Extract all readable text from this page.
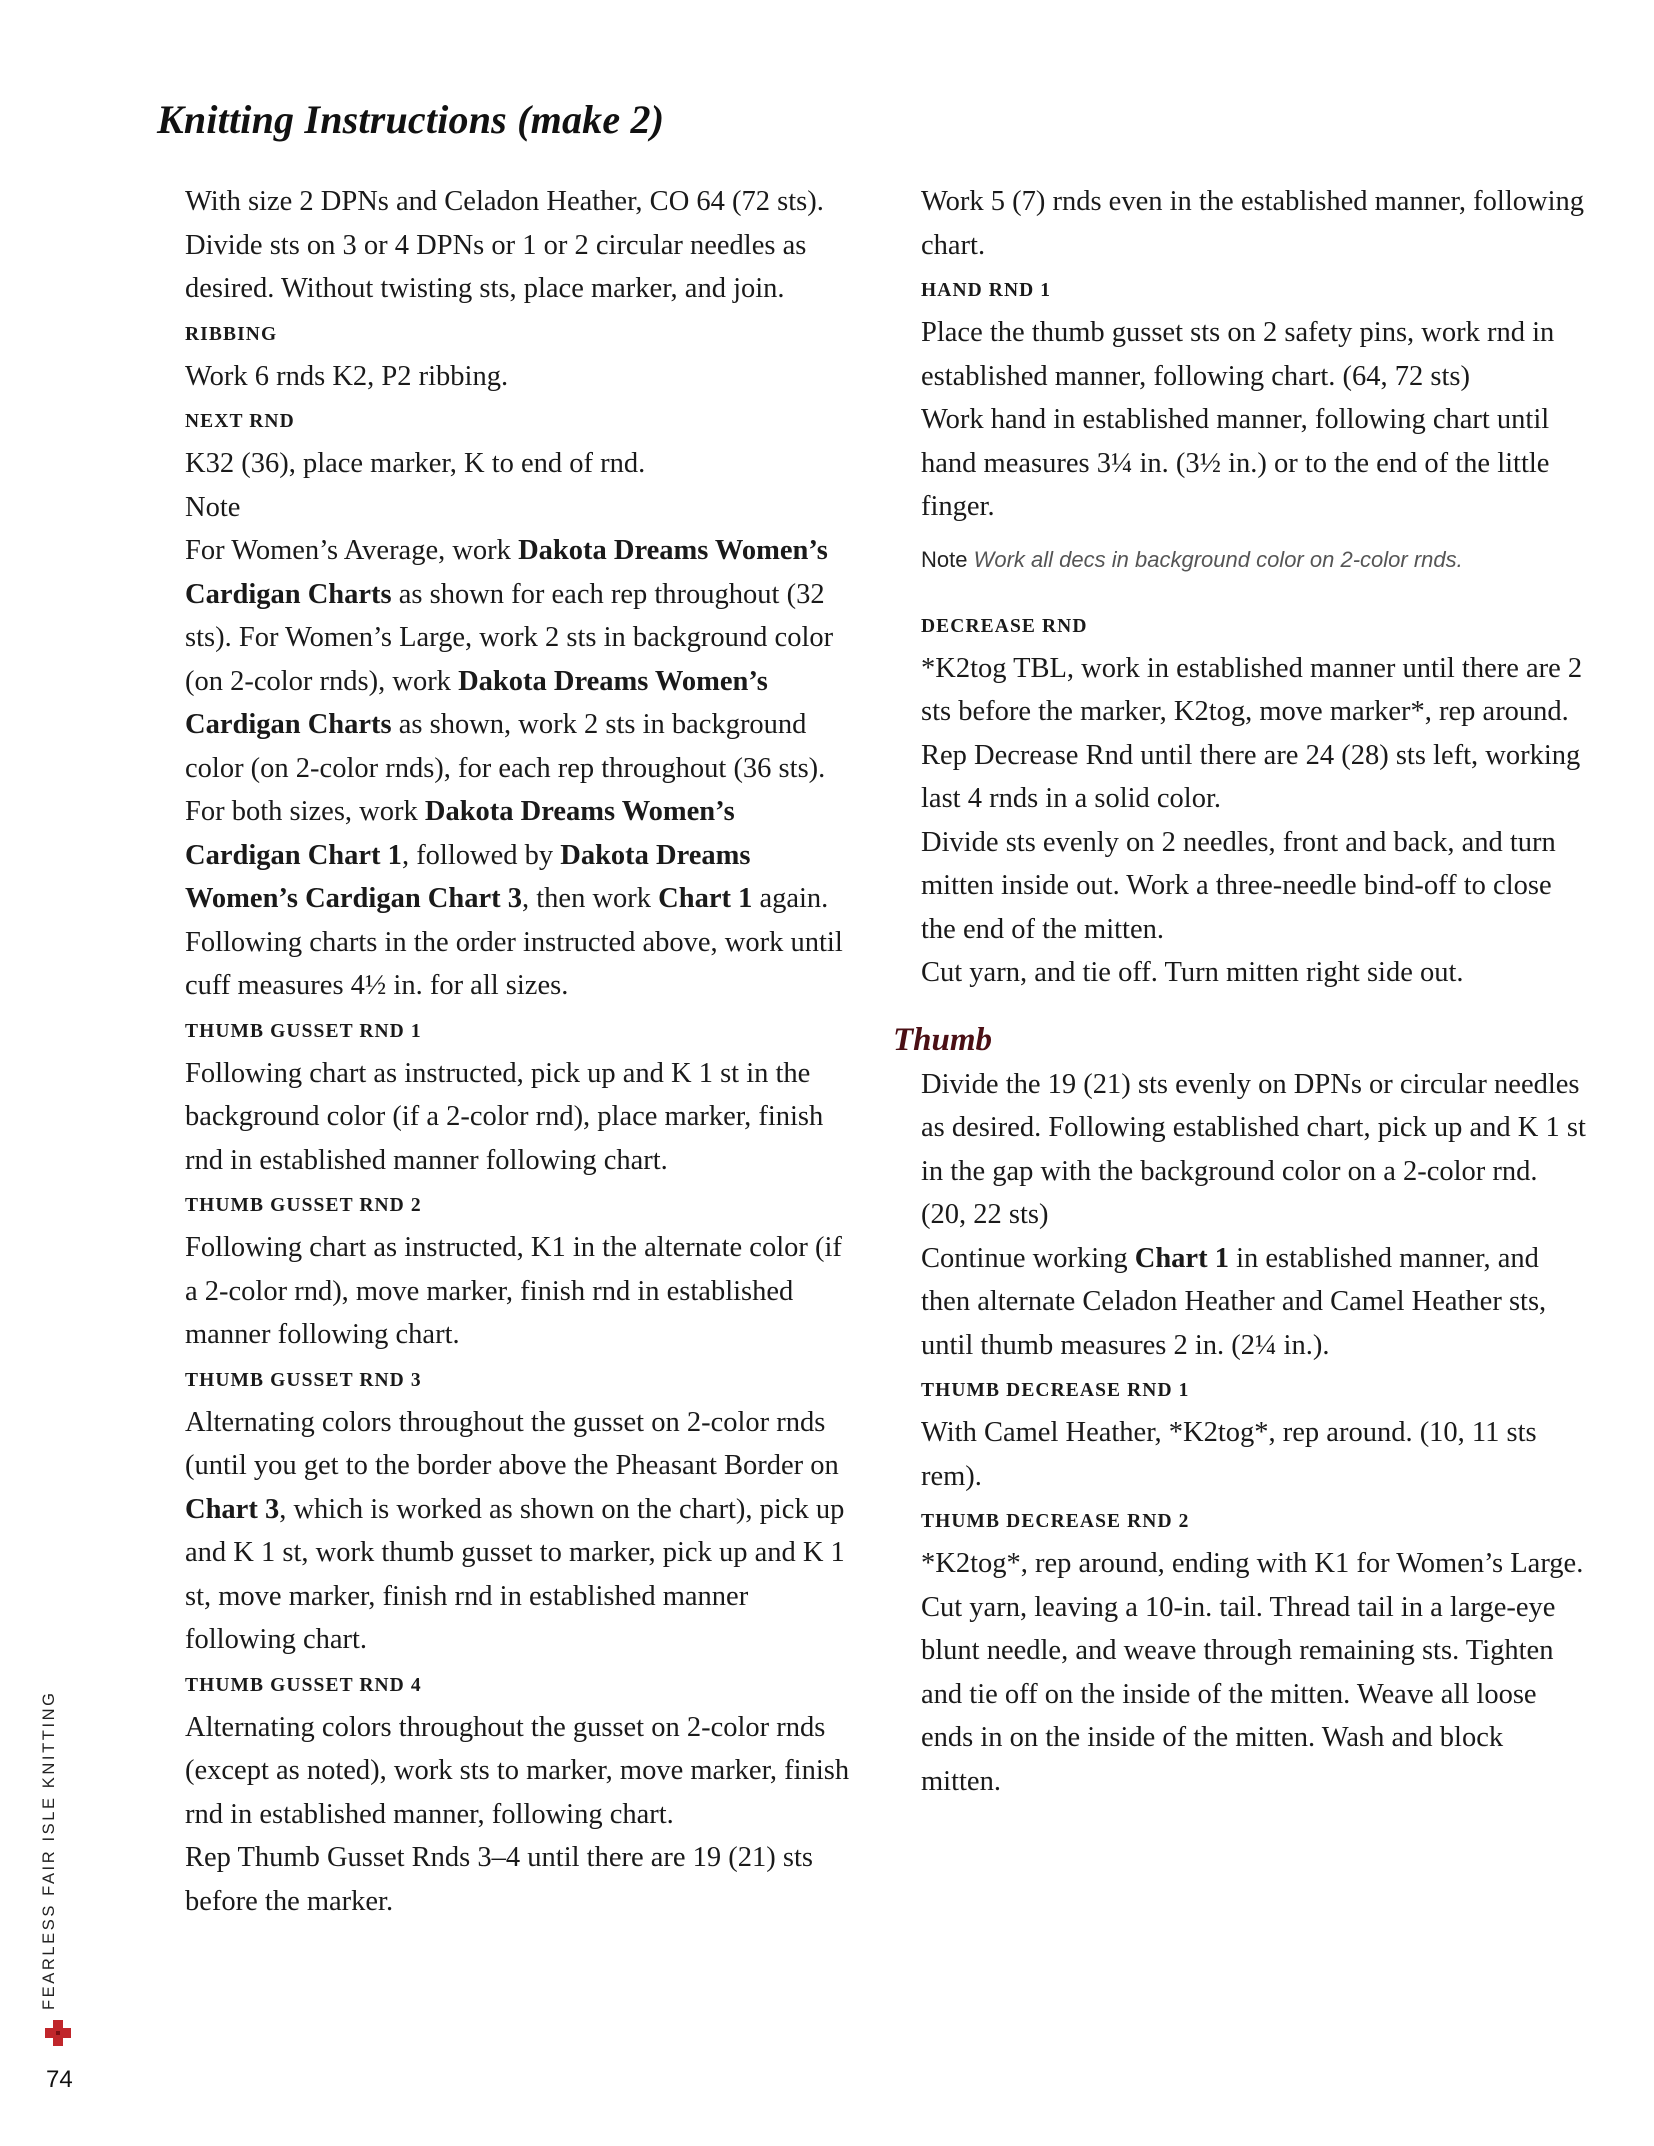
Knitting Instructions (make 2)

With size 2 DPNs and Celadon Heather, CO 64 (72 sts). Divide sts on 3 or 4 DPNs or 1 or 2 circular needles as desired. Without twisting sts, place marker, and join.

RIBBING

Work 6 rnds K2, P2 ribbing.

NEXT RND

K32 (36), place marker, K to end of rnd.

Note

For Women’s Average, work Dakota Dreams Women’s Cardigan Charts as shown for each rep throughout (32 sts). For Women’s Large, work 2 sts in background color (on 2-color rnds), work Dakota Dreams Women’s Cardigan Charts as shown, work 2 sts in background color (on 2-color rnds), for each rep throughout (36 sts). For both sizes, work Dakota Dreams Women’s Cardigan Chart 1, followed by Dakota Dreams Women’s Cardigan Chart 3, then work Chart 1 again. Following charts in the order instructed above, work until cuff measures 4½ in. for all sizes.

THUMB GUSSET RND 1

Following chart as instructed, pick up and K 1 st in the background color (if a 2-color rnd), place marker, finish rnd in established manner following chart.

THUMB GUSSET RND 2

Following chart as instructed, K1 in the alternate color (if a 2-color rnd), move marker, finish rnd in established manner following chart.

THUMB GUSSET RND 3

Alternating colors throughout the gusset on 2-color rnds (until you get to the border above the Pheasant Border on Chart 3, which is worked as shown on the chart), pick up and K 1 st, work thumb gusset to marker, pick up and K 1 st, move marker, finish rnd in established manner following chart.

THUMB GUSSET RND 4

Alternating colors throughout the gusset on 2-color rnds (except as noted), work sts to marker, move marker, finish rnd in established manner, following chart.

Rep Thumb Gusset Rnds 3–4 until there are 19 (21) sts before the marker.

Work 5 (7) rnds even in the established manner, following chart.

HAND RND 1

Place the thumb gusset sts on 2 safety pins, work rnd in established manner, following chart. (64, 72 sts)

Work hand in established manner, following chart until hand measures 3¼ in. (3½ in.) or to the end of the little finger.

Note Work all decs in background color on 2-color rnds.
DECREASE RND

*K2tog TBL, work in established manner until there are 2 sts before the marker, K2tog, move marker*, rep around.

Rep Decrease Rnd until there are 24 (28) sts left, working last 4 rnds in a solid color.

Divide sts evenly on 2 needles, front and back, and turn mitten inside out. Work a three-needle bind-off to close the end of the mitten.

Cut yarn, and tie off. Turn mitten right side out.

Thumb

Divide the 19 (21) sts evenly on DPNs or circular needles as desired. Following established chart, pick up and K 1 st in the gap with the background color on a 2-color rnd. (20, 22 sts)

Continue working Chart 1 in established manner, and then alternate Celadon Heather and Camel Heather sts, until thumb measures 2 in. (2¼ in.).

THUMB DECREASE RND 1

With Camel Heather, *K2tog*, rep around. (10, 11 sts rem).

THUMB DECREASE RND 2

*K2tog*, rep around, ending with K1 for Women’s Large.

Cut yarn, leaving a 10-in. tail. Thread tail in a large-eye blunt needle, and weave through remaining sts. Tighten and tie off on the inside of the mitten. Weave all loose ends in on the inside of the mitten. Wash and block mitten.

FEARLESS FAIR ISLE KNITTING
74
